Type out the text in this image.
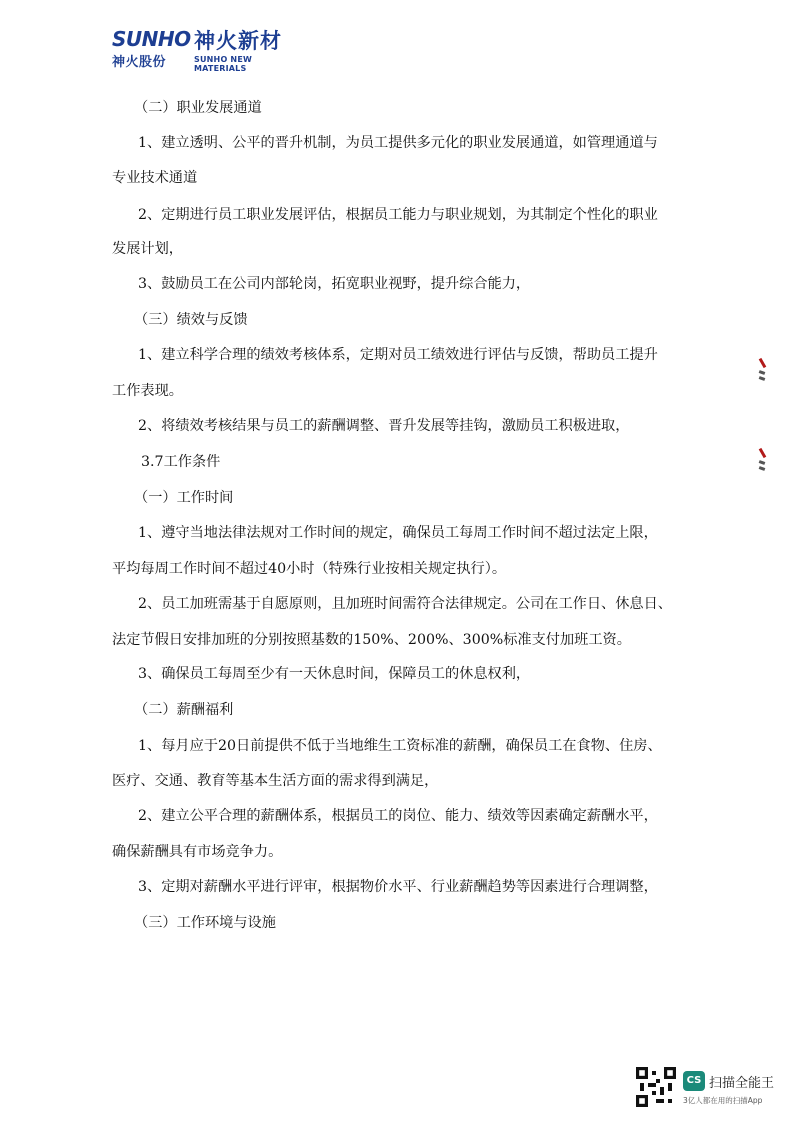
SUNHO
神火股份
神火新材
SUNHO NEW MATERIALS
（二）职业发展通道
1、建立透明、公平的晋升机制，为员工提供多元化的职业发展通道，如管理通道与
专业技术通道
2、定期进行员工职业发展评估，根据员工能力与职业规划，为其制定个性化的职业
发展计划，
3、鼓励员工在公司内部轮岗，拓宽职业视野，提升综合能力，
（三）绩效与反馈
1、建立科学合理的绩效考核体系，定期对员工绩效进行评估与反馈，帮助员工提升
工作表现。
2、将绩效考核结果与员工的薪酬调整、晋升发展等挂钩，激励员工积极进取，
3.7工作条件
（一）工作时间
1、遵守当地法律法规对工作时间的规定，确保员工每周工作时间不超过法定上限，
平均每周工作时间不超过40小时（特殊行业按相关规定执行）。
2、员工加班需基于自愿原则，且加班时间需符合法律规定。公司在工作日、休息日、
法定节假日安排加班的分别按照基数的150%、200%、300%标准支付加班工资。
3、确保员工每周至少有一天休息时间，保障员工的休息权利，
（二）薪酬福利
1、每月应于20日前提供不低于当地维生工资标准的薪酬，确保员工在食物、住房、
医疗、交通、教育等基本生活方面的需求得到满足，
2、建立公平合理的薪酬体系，根据员工的岗位、能力、绩效等因素确定薪酬水平，
确保薪酬具有市场竞争力。
3、定期对薪酬水平进行评审，根据物价水平、行业薪酬趋势等因素进行合理调整，
（三）工作环境与设施
CS 扫描全能王
3亿人都在用的扫描App
